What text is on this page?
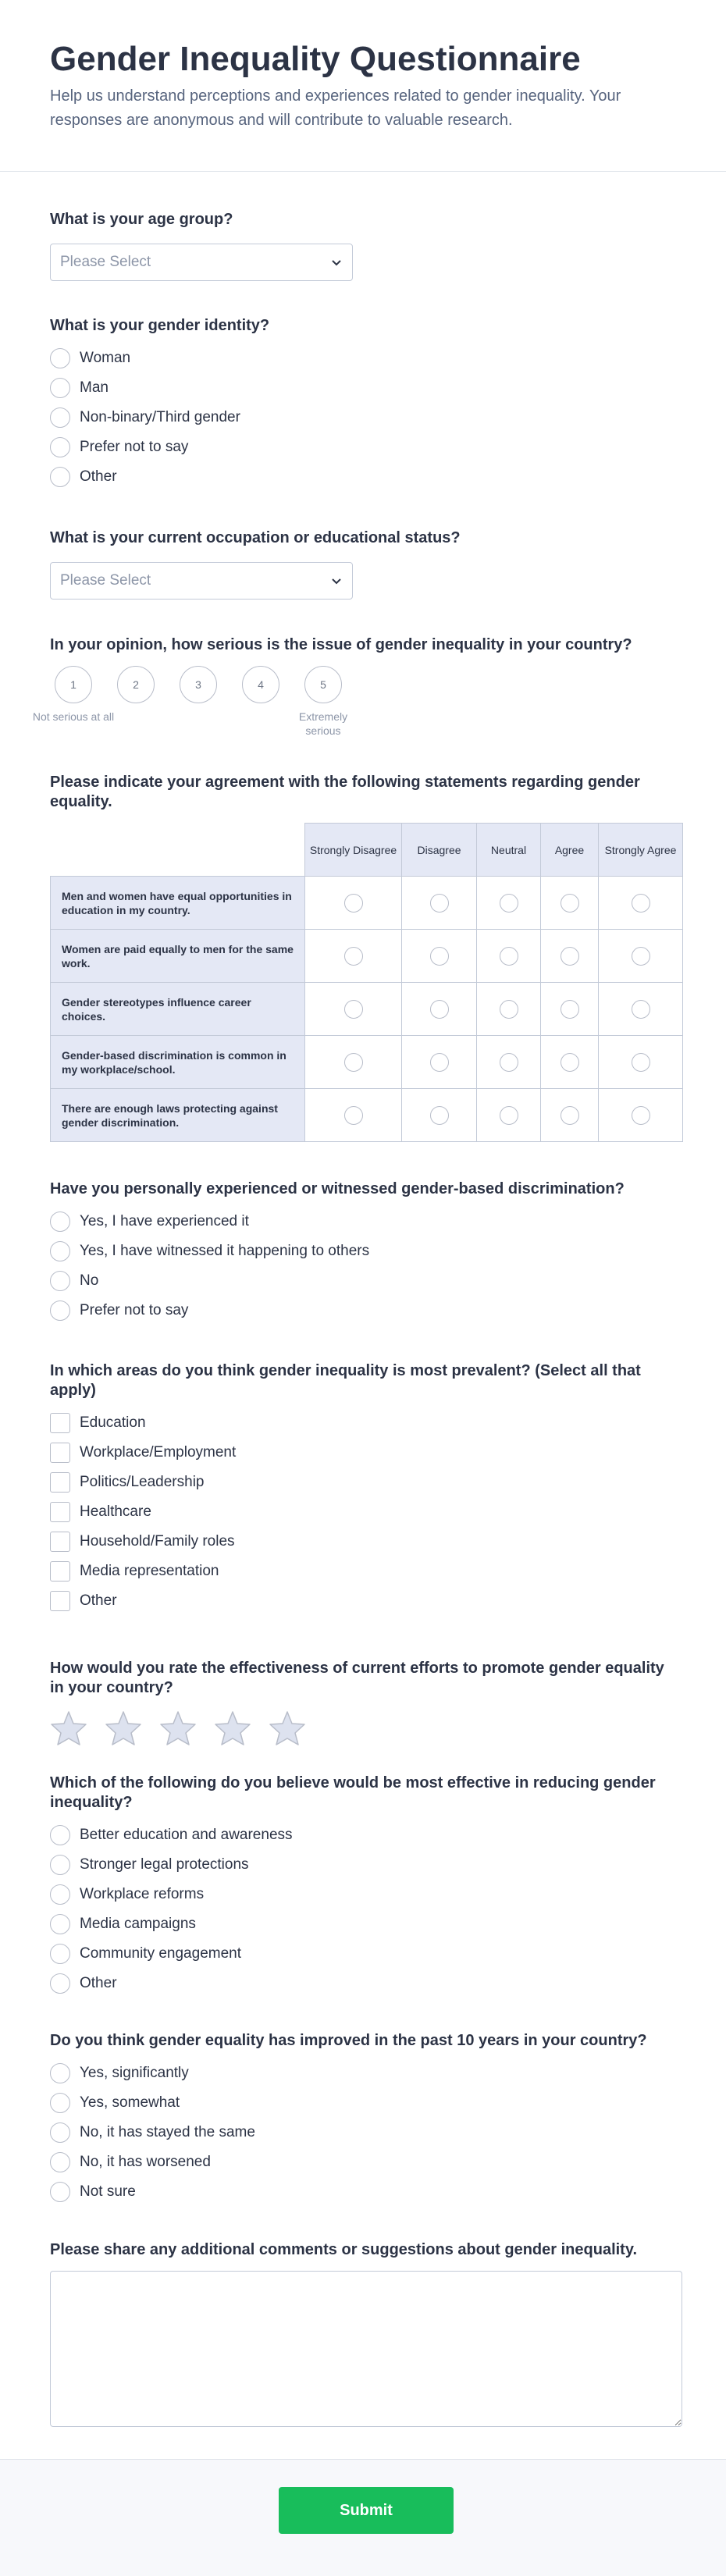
Gender Inequality Questionnaire

Help us understand perceptions and experiences related to gender inequality. Your responses are anonymous and will contribute to valuable research.

What is your age group?

Please Select

What is your gender identity?

Woman
Man
Non-binary/Third gender
Prefer not to say
Other

What is your current occupation or educational status?

Please Select

In your opinion, how serious is the issue of gender inequality in your country?

1
Not serious at all
2	3	4	5
Extremely serious

Please indicate your agreement with the following statements regarding gender equality.

	Strongly Disagree	Disagree	Neutral	Agree	Strongly Agree
Men and women have equal opportunities in education in my country.					
Women are paid equally to men for the same work.					
Gender stereotypes influence career choices.					
Gender-based discrimination is common in my workplace/school.					
There are enough laws protecting against gender discrimination.					

Have you personally experienced or witnessed gender-based discrimination?

Yes, I have experienced it
Yes, I have witnessed it happening to others
No
Prefer not to say

In which areas do you think gender inequality is most prevalent? (Select all that apply)

Education
Workplace/Employment
Politics/Leadership
Healthcare
Household/Family roles
Media representation
Other

How would you rate the effectiveness of current efforts to promote gender equality in your country?

Which of the following do you believe would be most effective in reducing gender inequality?

Better education and awareness
Stronger legal protections
Workplace reforms
Media campaigns
Community engagement
Other

Do you think gender equality has improved in the past 10 years in your country?

Yes, significantly
Yes, somewhat
No, it has stayed the same
No, it has worsened
Not sure

Please share any additional comments or suggestions about gender inequality.

Submit
